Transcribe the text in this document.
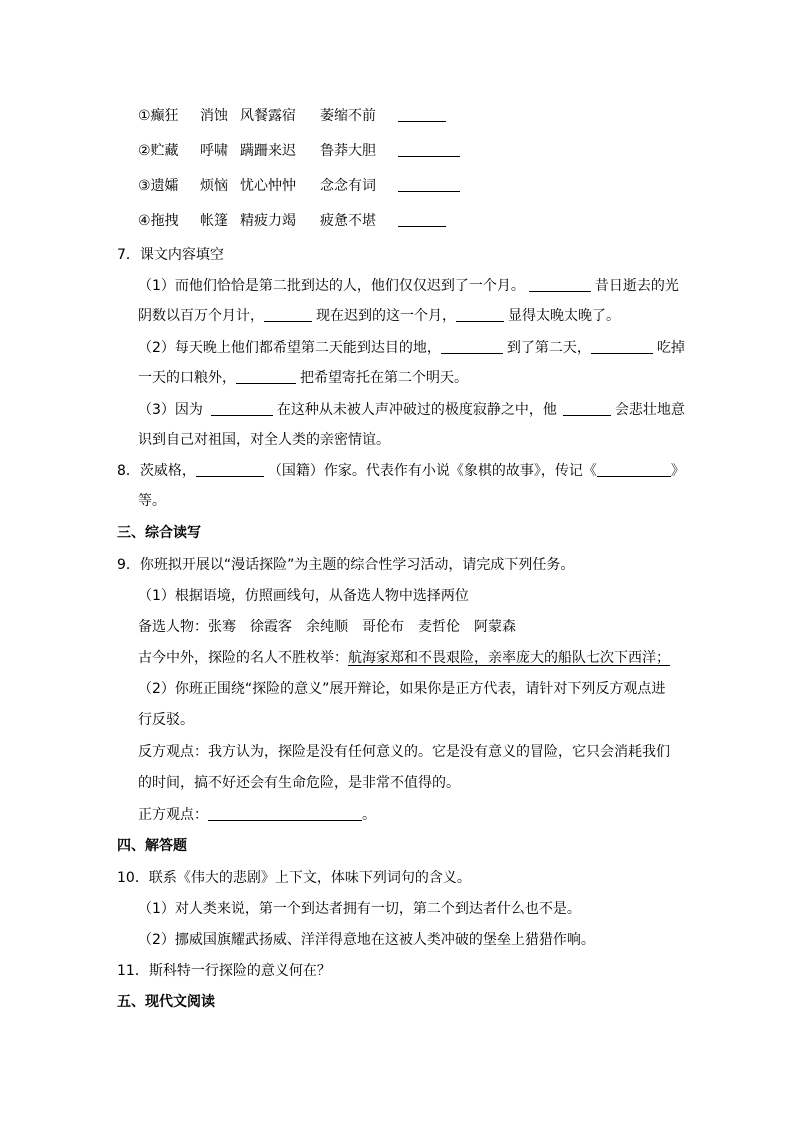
①癫狂 消蚀 风餐露宿 萎缩不前
②贮藏 呼啸 蹒跚来迟 鲁莽大胆
③遗孀 烦恼 忧心忡忡 念念有词
④拖拽 帐篷 精疲力竭 疲惫不堪
7．课文内容填空
（1）而他们恰恰是第二批到达的人，他们仅仅迟到了一个月。	昔日逝去的光
阴数以百万个月计，	现在迟到的这一个月，	显得太晚太晚了。
（2）每天晚上他们都希望第二天能到达目的地，	到了第二天，	吃掉
一天的口粮外，	把希望寄托在第二个明天。
（3）因为	在这种从未被人声冲破过的极度寂静之中，他	会悲壮地意
识到自己对祖国，对全人类的亲密情谊。
8．茨威格，	（国籍）作家。代表作有小说《象棋的故事》，传记《	》
等。
三、综合读写
9．你班拟开展以“漫话探险”为主题的综合性学习活动，请完成下列任务。
（1）根据语境，仿照画线句，从备选人物中选择两位
备选人物：张骞 徐霞客 余纯顺 哥伦布 麦哲伦 阿蒙森
古今中外，探险的名人不胜枚举：航海家郑和不畏艰险，亲率庞大的船队七次下西洋；
（2）你班正围绕“探险的意义”展开辩论，如果你是正方代表，请针对下列反方观点进
行反驳。
反方观点：我方认为，探险是没有任何意义的。它是没有意义的冒险，它只会消耗我们
的时间，搞不好还会有生命危险，是非常不值得的。
正方观点：	。
四、解答题
10．联系《伟大的悲剧》上下文，体味下列词句的含义。
（1）对人类来说，第一个到达者拥有一切，第二个到达者什么也不是。
（2）挪威国旗耀武扬威、洋洋得意地在这被人类冲破的堡垒上猎猎作响。
11．斯科特一行探险的意义何在？
五、现代文阅读
